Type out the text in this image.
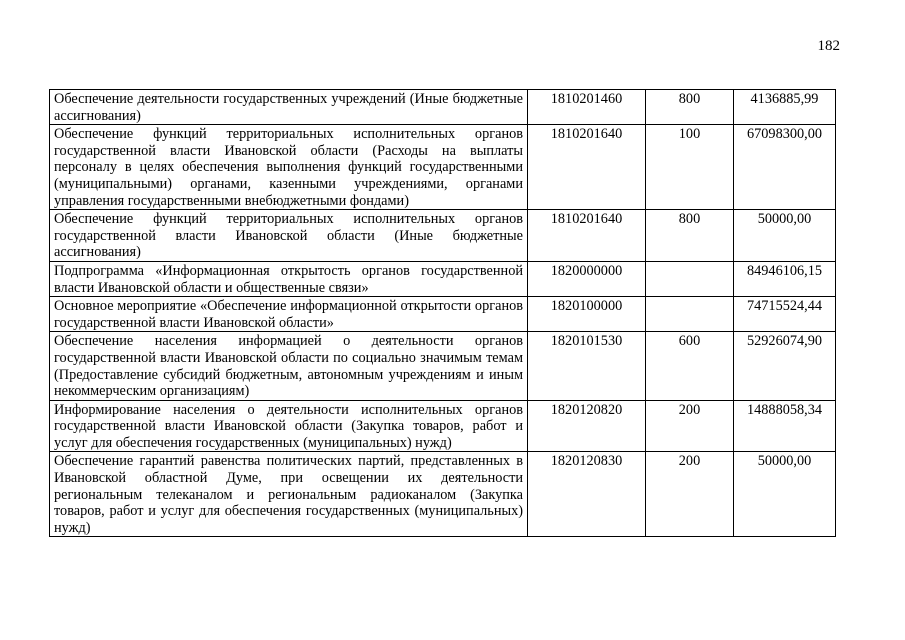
182
Обеспечение деятельности государственных учреждений (Иные бюджетные ассигнования)	1810201460	800	4136885,99
Обеспечение функций территориальных исполнительных органов государственной власти Ивановской области (Расходы на выплаты персоналу в целях обеспечения выполнения функций государственными (муниципальными) органами, казенными учреждениями, органами управления государственными внебюджетными фондами)	1810201640	100	67098300,00
Обеспечение функций территориальных исполнительных органов государственной власти Ивановской области (Иные бюджетные ассигнования)	1810201640	800	50000,00
Подпрограмма «Информационная открытость органов государственной власти Ивановской области и общественные связи»	1820000000		84946106,15
Основное мероприятие «Обеспечение информационной открытости органов государственной власти Ивановской области»	1820100000		74715524,44
Обеспечение населения информацией о деятельности органов государственной власти Ивановской области по социально значимым темам (Предоставление субсидий бюджетным, автономным учреждениям и иным некоммерческим организациям)	1820101530	600	52926074,90
Информирование населения о деятельности исполнительных органов государственной власти Ивановской области (Закупка товаров, работ и услуг для обеспечения государственных (муниципальных) нужд)	1820120820	200	14888058,34
Обеспечение гарантий равенства политических партий, представленных в Ивановской областной Думе, при освещении их деятельности региональным телеканалом и региональным радиоканалом (Закупка товаров, работ и услуг для обеспечения государственных (муниципальных) нужд)	1820120830	200	50000,00
